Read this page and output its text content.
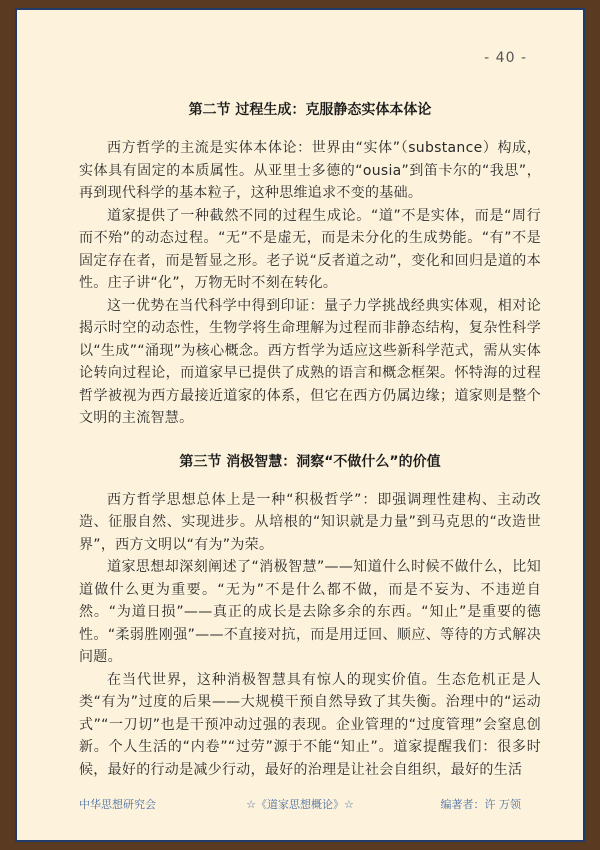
- 40 -
第二节 过程生成：克服静态实体本体论

西方哲学的主流是实体本体论：世界由“实体”（substance）构成，实体具有固定的本质属性。从亚里士多德的“ousia”到笛卡尔的“我思”，再到现代科学的基本粒子，这种思维追求不变的基础。

道家提供了一种截然不同的过程生成论。“道”不是实体，而是“周行而不殆”的动态过程。“无”不是虚无，而是未分化的生成势能。“有”不是固定存在者，而是暂显之形。老子说“反者道之动”，变化和回归是道的本性。庄子讲“化”，万物无时不刻在转化。

这一优势在当代科学中得到印证：量子力学挑战经典实体观，相对论揭示时空的动态性，生物学将生命理解为过程而非静态结构，复杂性科学以“生成”“涌现”为核心概念。西方哲学为适应这些新科学范式，需从实体论转向过程论，而道家早已提供了成熟的语言和概念框架。怀特海的过程哲学被视为西方最接近道家的体系，但它在西方仍属边缘；道家则是整个文明的主流智慧。

第三节 消极智慧：洞察“不做什么”的价值

西方哲学思想总体上是一种“积极哲学”：即强调理性建构、主动改造、征服自然、实现进步。从培根的“知识就是力量”到马克思的“改造世界”，西方文明以“有为”为荣。

道家思想却深刻阐述了“消极智慧”——知道什么时候不做什么，比知道做什么更为重要。“无为”不是什么都不做，而是不妄为、不违逆自然。“为道日损”——真正的成长是去除多余的东西。“知止”是重要的德性。“柔弱胜刚强”——不直接对抗，而是用迂回、顺应、等待的方式解决问题。

在当代世界，这种消极智慧具有惊人的现实价值。生态危机正是人类“有为”过度的后果——大规模干预自然导致了其失衡。治理中的“运动式”“一刀切”也是干预冲动过强的表现。企业管理的“过度管理”会窒息创新。个人生活的“内卷”“过劳”源于不能“知止”。道家提醒我们：很多时候，最好的行动是减少行动，最好的治理是让社会自组织，最好的生活

中华思想研究会	☆《道家思想概论》☆	编著者：许 万领
